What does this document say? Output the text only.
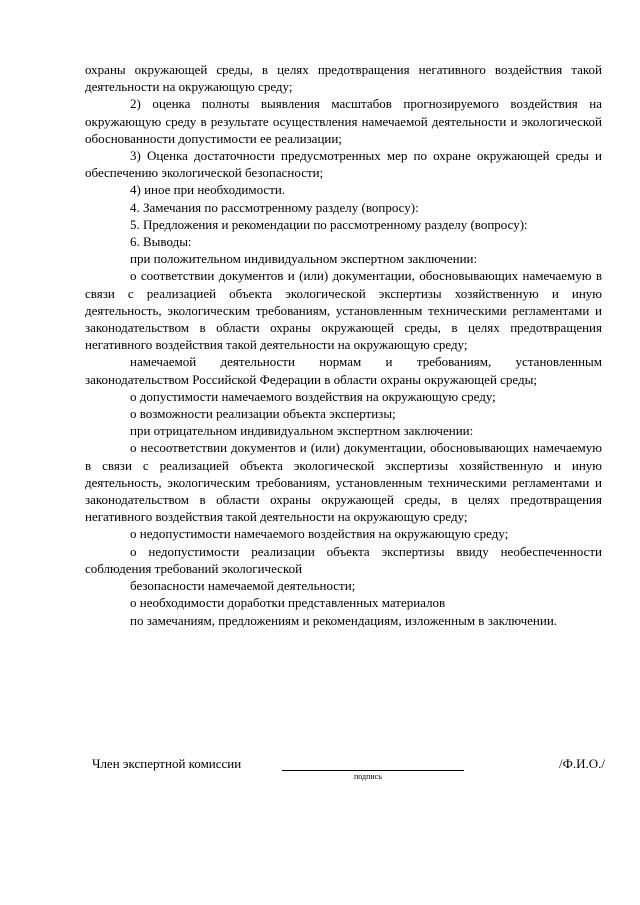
охраны окружающей среды, в целях предотвращения негативного воздействия такой деятельности на окружающую среду;

2) оценка полноты выявления масштабов прогнозируемого воздействия на окружающую среду в результате осуществления намечаемой деятельности и экологической обоснованности допустимости ее реализации;

3) Оценка достаточности предусмотренных мер по охране окружающей среды и обеспечению экологической безопасности;

4) иное при необходимости.

4. Замечания по рассмотренному разделу (вопросу):

5. Предложения и рекомендации по рассмотренному разделу (вопросу):

6. Выводы:

при положительном индивидуальном экспертном заключении:

о соответствии документов и (или) документации, обосновывающих намечаемую в связи с реализацией объекта экологической экспертизы хозяйственную и иную деятельность, экологическим требованиям, установленным техническими регламентами и законодательством в области охраны окружающей среды, в целях предотвращения негативного воздействия такой деятельности на окружающую среду;

намечаемой деятельности нормам и требованиям, установленным законодательством Российской Федерации в области охраны окружающей среды;

о допустимости намечаемого воздействия на окружающую среду;

о возможности реализации объекта экспертизы;

при отрицательном индивидуальном экспертном заключении:

о несоответствии документов и (или) документации, обосновывающих намечаемую в связи с реализацией объекта экологической экспертизы хозяйственную и иную деятельность, экологическим требованиям, установленным техническими регламентами и законодательством в области охраны окружающей среды, в целях предотвращения негативного воздействия такой деятельности на окружающую среду;

о недопустимости намечаемого воздействия на окружающую среду;

о недопустимости реализации объекта экспертизы ввиду необеспеченности соблюдения требований экологической

безопасности намечаемой деятельности;

о необходимости доработки представленных материалов

по замечаниям, предложениям и рекомендациям, изложенным в заключении.

Член экспертной комиссии
подпись
/Ф.И.О./
